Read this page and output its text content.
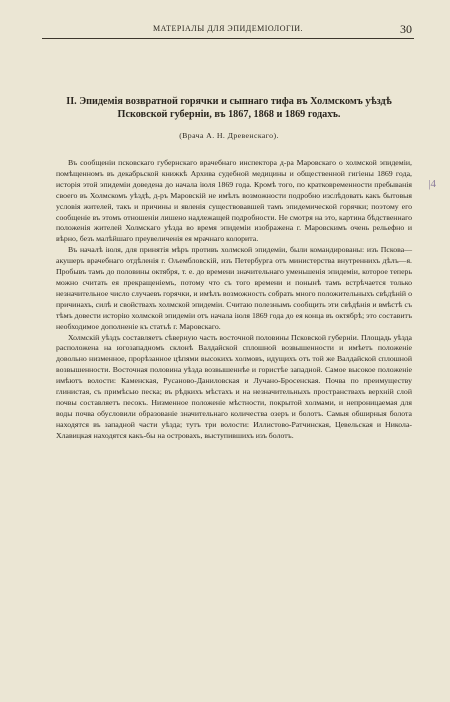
МАТЕРІАЛЫ ДЛЯ ЭПИДЕМІОЛОГІИ.	30
II. Эпидемія возвратной горячки и сыпнаго тифа въ Холмскомъ уѣздѣ Псковской губерніи, въ 1867, 1868 и 1869 годахъ.
(Врача А. Н. Древенскаго).
|4

Въ сообщеніи псковскаго губернскаго врачебнаго инспектора д-ра Маровскаго о холмской эпидеміи, помѣщенномъ въ декабрьской книжкѣ Архива судебной медицины и общественной гигіены 1869 года, исторія этой эпидеміи доведена до начала іюля 1869 года. Кромѣ того, по кратковременности пребыванія своего въ Холмскомъ уѣздѣ, д-ръ Маровскій не имѣлъ возможности подробно изслѣдовать какъ бытовыя условія жителей, такъ и причины и явленія существовавшей тамъ эпидемической горячки; поэтому его сообщеніе въ этомъ отношеніи лишено надлежащей подробности. Не смотря на это, картина бѣдственнаго положенія жителей Холмскаго уѣзда во время эпидеміи изображена г. Маровскимъ очень рельефно и вѣрно, безъ малѣйшаго преувеличенія ея мрачнаго колорита.

Въ началѣ іюля, для принятія мѣръ противъ холмской эпидеміи, были командированы: изъ Пскова—акушеръ врачебнаго отдѣленія г. Ољембловскій, изъ Петербурга отъ министерства внутреннихъ дѣлъ—я. Пробывъ тамъ до половины октября, т. е. до времени значительнаго уменьшенія эпидеміи, которое теперь можно считать ея прекращеніемъ, потому что съ того времени и понынѣ тамъ встрѣчается только незначительное число случаевъ горячки, и имѣлъ возможность собрать много положительныхъ свѣдѣній о причинахъ, силѣ и свойствахъ холмской эпидеміи. Считаю полезнымъ сообщить эти свѣдѣнія и вмѣстѣ съ тѣмъ довести исторію холмской эпидеміи отъ начала іюля 1869 года до ея конца въ октябрѣ; это составитъ необходимое дополненіе къ статьѣ г. Маровскаго.

Холмскій уѣздъ составляетъ сѣверную часть восточной половины Псковской губерніи. Площадь уѣзда расположена на югозападномъ склонѣ Валдайской сплошной возвышенности и имѣетъ положеніе довольно низменное, прорѣзанное цѣпями высокихъ холмовъ, идущихъ отъ той же Валдайской сплошной возвышенности. Восточная половина уѣзда возвышеннѣе и гористѣе западной. Самое высокое положеніе имѣютъ волости: Каменская, Русаново-Даниловская и Лучано-Бросенская. Почва по преимуществу глинистая, съ примѣсью песка; въ рѣдкихъ мѣстахъ и на незначительныхъ пространствахъ верхній слой почвы составляетъ песокъ. Низменное положеніе мѣстности, покрытой холмами, и непроницаемая для воды почва обусловили образованіе значительнаго количества озеръ и болотъ. Самыя обширныя болота находятся въ западной части уѣзда; тутъ три волости: Иллистово-Ратчинская, Цевельская и Никола-Хлавицкая находятся какъ-бы на островахъ, выступившихъ изъ болотъ.
